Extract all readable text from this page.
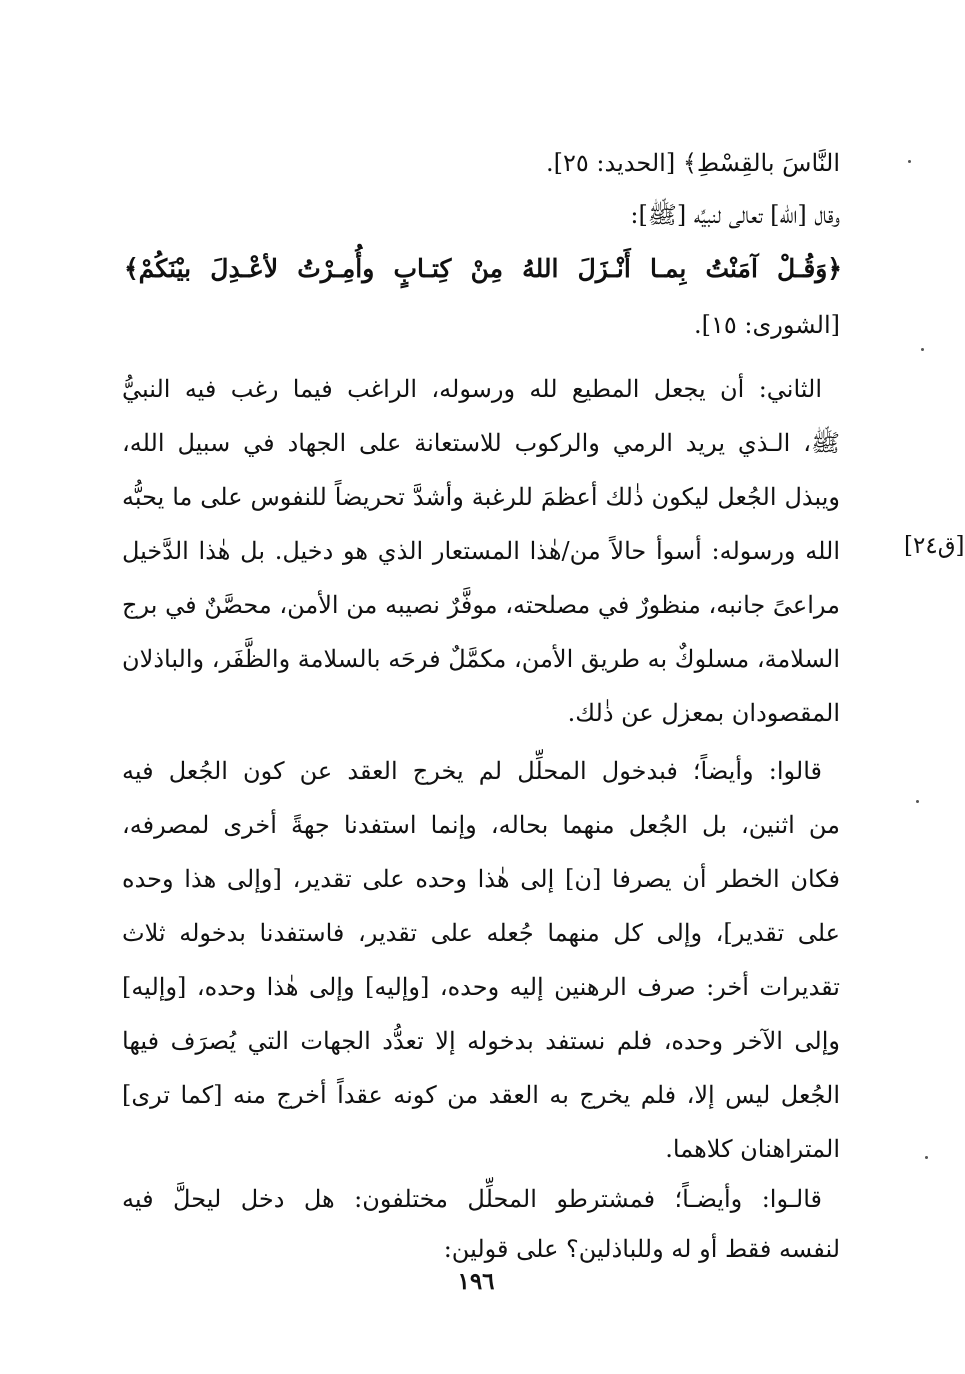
النَّاسَ بالقِسْطِ﴾ [الحديد: ٢٥].
وقال [الله] تعالى لنبيِّه [ﷺ]:
﴿وَقُـلْ آمَنْتُ بِمـا أَنْـزَلَ اللهُ مِنْ كِتـابٍ وأُمِـرْتُ لأعْـدِلَ بيْنَكُمْ﴾
[الشورى: ١٥].
الثاني: أن يجعل المطيع لله ورسوله، الراغب فيما رغب فيه النبيُّ
ﷺ، الـذي يريد الرمي والركوب للاستعانة على الجهاد في سبيل الله،
ويبذل الجُعل ليكون ذٰلك أعظمَ للرغبة وأشدَّ تحريضاً للنفوس على ما يحبُّه
الله ورسوله: أسوأ حالاً من/هٰذا المستعار الذي هو دخيل. بل هٰذا الدَّخيل
مراعىً جانبه، منظورٌ في مصلحته، موفَّرٌ نصيبه من الأمن، محصَّنٌ في برج
السلامة، مسلوكٌ به طريق الأمن، مكمَّلٌ فرحَه بالسلامة والظَّفَر، والباذلان
المقصودان بمعزل عن ذٰلك.
قالوا: وأيضاً؛ فبدخول المحلِّل لم يخرج العقد عن كون الجُعل فيه
من اثنين، بل الجُعل منهما بحاله، وإنما استفدنا جهةً أخرى لمصرفه،
فكان الخطر أن يصرفا [ن] إلى هٰذا وحده على تقدير، [وإلى هذا وحده
على تقدير]، وإلى كل منهما جُعله على تقدير، فاستفدنا بدخوله ثلاث
تقديرات أخر: صرف الرهنين إليه وحده، [وإليه] وإلى هٰذا وحده، [وإليه]
وإلى الآخر وحده، فلم نستفد بدخوله إلا تعدُّد الجهات التي يُصرَف فيها
الجُعل ليس إلا، فلم يخرج به العقد من كونه عقداً أخرج منه [كما ترى]
المتراهنان كلاهما.
قالـوا: وأيضـاً؛ فمشترطو المحلِّل مختلفون: هل دخل ليحلَّ فيه
لنفسه فقط أو له وللباذلين؟ على قولين:
[ق٢٤]
١٩٦
